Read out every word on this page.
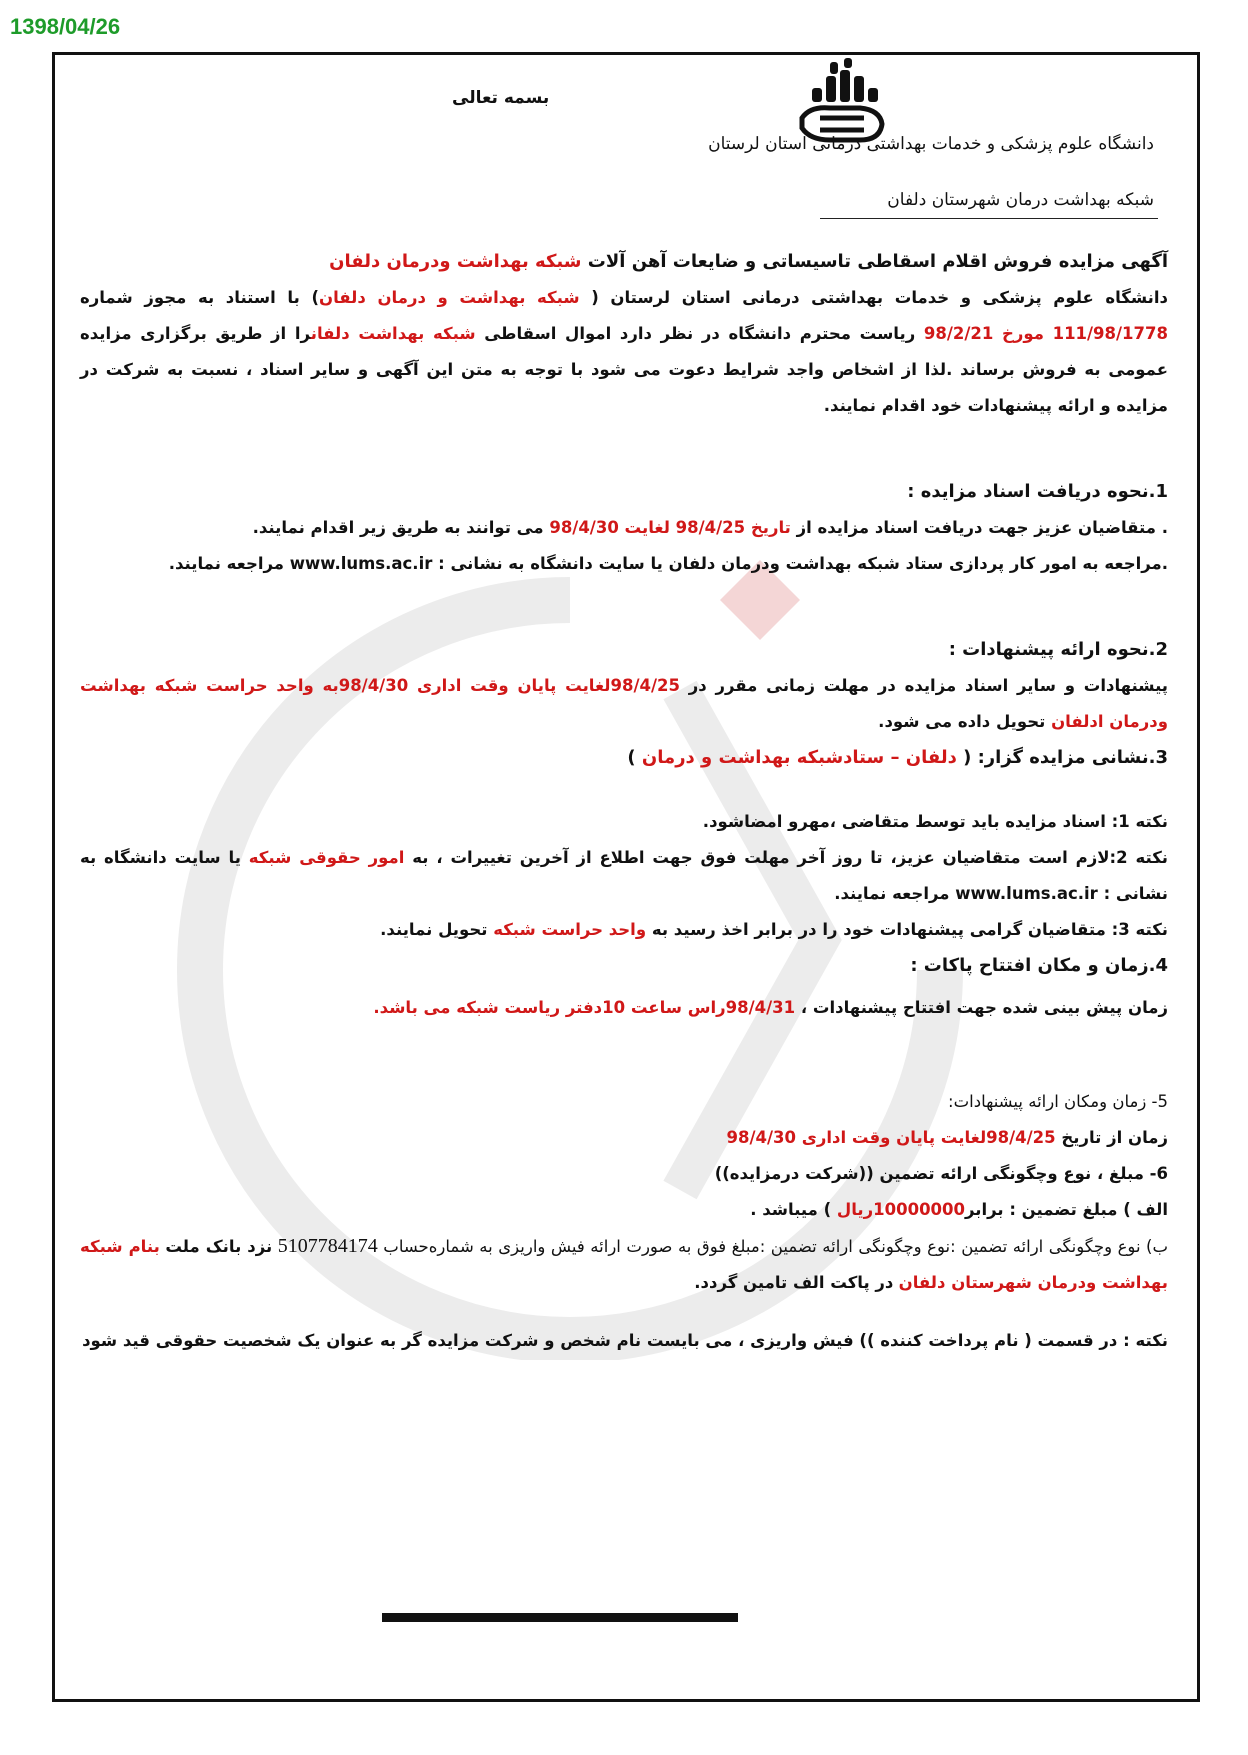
1398/04/26
بسمه تعالی
دانشگاه علوم پزشکی و خدمات بهداشتی درمانی استان لرستان
شبکه بهداشت درمان شهرستان دلفان

آگهی مزایده فروش اقلام اسقاطی تاسیساتی و ضایعات آهن آلات شبکه بهداشت ودرمان دلفان

دانشگاه علوم پزشکی و خدمات بهداشتی درمانی استان لرستان ( شبکه بهداشت و درمان دلفان) با استناد به مجوز شماره 111/98/1778 مورخ 98/2/21 ریاست محترم دانشگاه در نظر دارد اموال اسقاطی شبکه بهداشت دلفانرا از طریق برگزاری مزایده عمومی به فروش برساند .لذا از اشخاص واجد شرایط دعوت می شود با توجه به متن این آگهی و سایر اسناد ، نسبت به شرکت در مزایده و ارائه پیشنهادات خود اقدام نمایند.

1.نحوه دریافت اسناد مزایده :

. متقاضیان عزیز جهت دریافت اسناد مزایده از تاریخ 98/4/25 لغایت 98/4/30 می توانند به طریق زیر اقدام نمایند.

.مراجعه به امور کار پردازی ستاد شبکه بهداشت ودرمان دلفان یا سایت دانشگاه به نشانی : www.lums.ac.ir مراجعه نمایند.

2.نحوه ارائه پیشنهادات :

پیشنهادات و سایر اسناد مزایده در مهلت زمانی مقرر در 98/4/25لغایت پایان وقت اداری 98/4/30به واحد حراست شبکه بهداشت ودرمان ادلفان تحویل داده می شود.

3.نشانی مزایده گزار: ( دلفان – ستادشبکه بهداشت و درمان )

نکته 1: اسناد مزایده باید توسط متقاضی ،مهرو امضاشود.

نکته 2:لازم است متقاضیان عزیز، تا روز آخر مهلت فوق جهت اطلاع از آخرین تغییرات ، به امور حقوقی شبکه یا سایت دانشگاه به نشانی : www.lums.ac.ir مراجعه نمایند.

نکته 3: متقاضیان گرامی پیشنهادات خود را در برابر اخذ رسید به واحد حراست شبکه تحویل نمایند.

4.زمان و مکان افتتاح پاکات :

زمان پیش بینی شده جهت افتتاح پیشنهادات ، 98/4/31راس ساعت 10دفتر ریاست شبکه می باشد.

5- زمان ومکان ارائه پیشنهادات:

زمان از تاریخ 98/4/25لغایت پایان وقت اداری 98/4/30

6- مبلغ ، نوع وچگونگی ارائه تضمین ((شرکت درمزایده))

الف ) مبلغ تضمین : برابر10000000ریال ) میباشد .

ب) نوع وچگونگی ارائه تضمین :نوع وچگونگی ارائه تضمین :مبلغ فوق به صورت ارائه فیش واریزی به شماره‌حساب 5107784174 نزد بانک ملت بنام شبکه بهداشت ودرمان شهرستان دلفان در پاکت الف تامین گردد.

نکته : در قسمت ( نام پرداخت کننده )) فیش واریزی ، می بایست نام شخص و شرکت مزایده گر به عنوان یک شخصیت حقوقی قید شود
